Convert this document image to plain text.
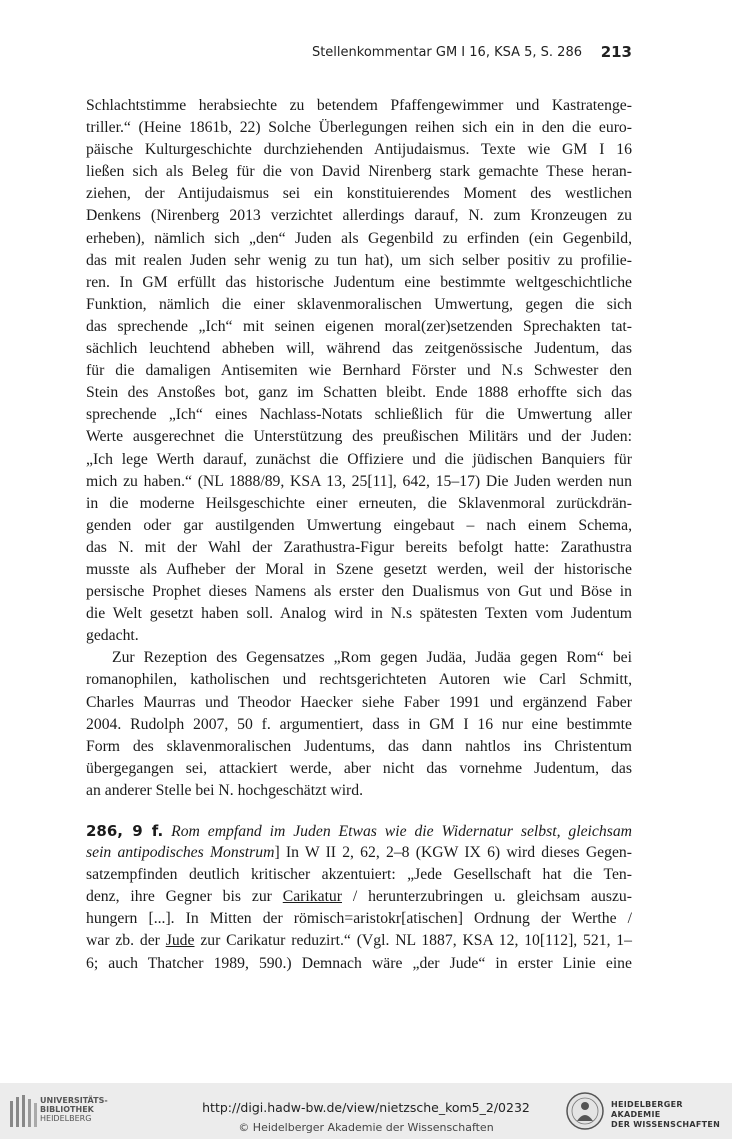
Stellenkommentar GM I 16, KSA 5, S. 286 213
Schlachtstimme herabsiechte zu betendem Pfaffengewimmer und Kastratenge-
triller.“ (Heine 1861b, 22) Solche Überlegungen reihen sich ein in den die euro-
päische Kulturgeschichte durchziehenden Antijudaismus. Texte wie GM I 16
ließen sich als Beleg für die von David Nirenberg stark gemachte These heran-
ziehen, der Antijudaismus sei ein konstituierendes Moment des westlichen
Denkens (Nirenberg 2013 verzichtet allerdings darauf, N. zum Kronzeugen zu
erheben), nämlich sich „den“ Juden als Gegenbild zu erfinden (ein Gegenbild,
das mit realen Juden sehr wenig zu tun hat), um sich selber positiv zu profilie-
ren. In GM erfüllt das historische Judentum eine bestimmte weltgeschichtliche
Funktion, nämlich die einer sklavenmoralischen Umwertung, gegen die sich
das sprechende „Ich“ mit seinen eigenen moral(zer)setzenden Sprechakten tat-
sächlich leuchtend abheben will, während das zeitgenössische Judentum, das
für die damaligen Antisemiten wie Bernhard Förster und N.s Schwester den
Stein des Anstoßes bot, ganz im Schatten bleibt. Ende 1888 erhoffte sich das
sprechende „Ich“ eines Nachlass-Notats schließlich für die Umwertung aller
Werte ausgerechnet die Unterstützung des preußischen Militärs und der Juden:
„Ich lege Werth darauf, zunächst die Offiziere und die jüdischen Banquiers für
mich zu haben.“ (NL 1888/89, KSA 13, 25[11], 642, 15–17) Die Juden werden nun
in die moderne Heilsgeschichte einer erneuten, die Sklavenmoral zurückdrän-
genden oder gar austilgenden Umwertung eingebaut – nach einem Schema,
das N. mit der Wahl der Zarathustra-Figur bereits befolgt hatte: Zarathustra
musste als Aufheber der Moral in Szene gesetzt werden, weil der historische
persische Prophet dieses Namens als erster den Dualismus von Gut und Böse in
die Welt gesetzt haben soll. Analog wird in N.s spätesten Texten vom Judentum
gedacht.
Zur Rezeption des Gegensatzes „Rom gegen Judäa, Judäa gegen Rom“ bei
romanophilen, katholischen und rechtsgerichteten Autoren wie Carl Schmitt,
Charles Maurras und Theodor Haecker siehe Faber 1991 und ergänzend Faber
2004. Rudolph 2007, 50 f. argumentiert, dass in GM I 16 nur eine bestimmte
Form des sklavenmoralischen Judentums, das dann nahtlos ins Christentum
übergegangen sei, attackiert werde, aber nicht das vornehme Judentum, das
an anderer Stelle bei N. hochgeschätzt wird.
286, 9 f. Rom empfand im Juden Etwas wie die Widernatur selbst, gleichsam
sein antipodisches Monstrum] In W II 2, 62, 2–8 (KGW IX 6) wird dieses Gegen-
satzempfinden deutlich kritischer akzentuiert: „Jede Gesellschaft hat die Ten-
denz, ihre Gegner bis zur Carikatur / herunterzubringen u. gleichsam auszu-
hungern [...]. In Mitten der römisch=aristokr[atischen] Ordnung der Werthe /
war zb. der Jude zur Carikatur reduzirt.“ (Vgl. NL 1887, KSA 12, 10[112], 521, 1–
6; auch Thatcher 1989, 590.) Demnach wäre „der Jude“ in erster Linie eine
UNIVERSITÄTS-
BIBLIOTHEK
HEIDELBERG
http://digi.hadw-bw.de/view/nietzsche_kom5_2/0232
© Heidelberger Akademie der Wissenschaften
HEIDELBERGER AKADEMIE
DER WISSENSCHAFTEN
